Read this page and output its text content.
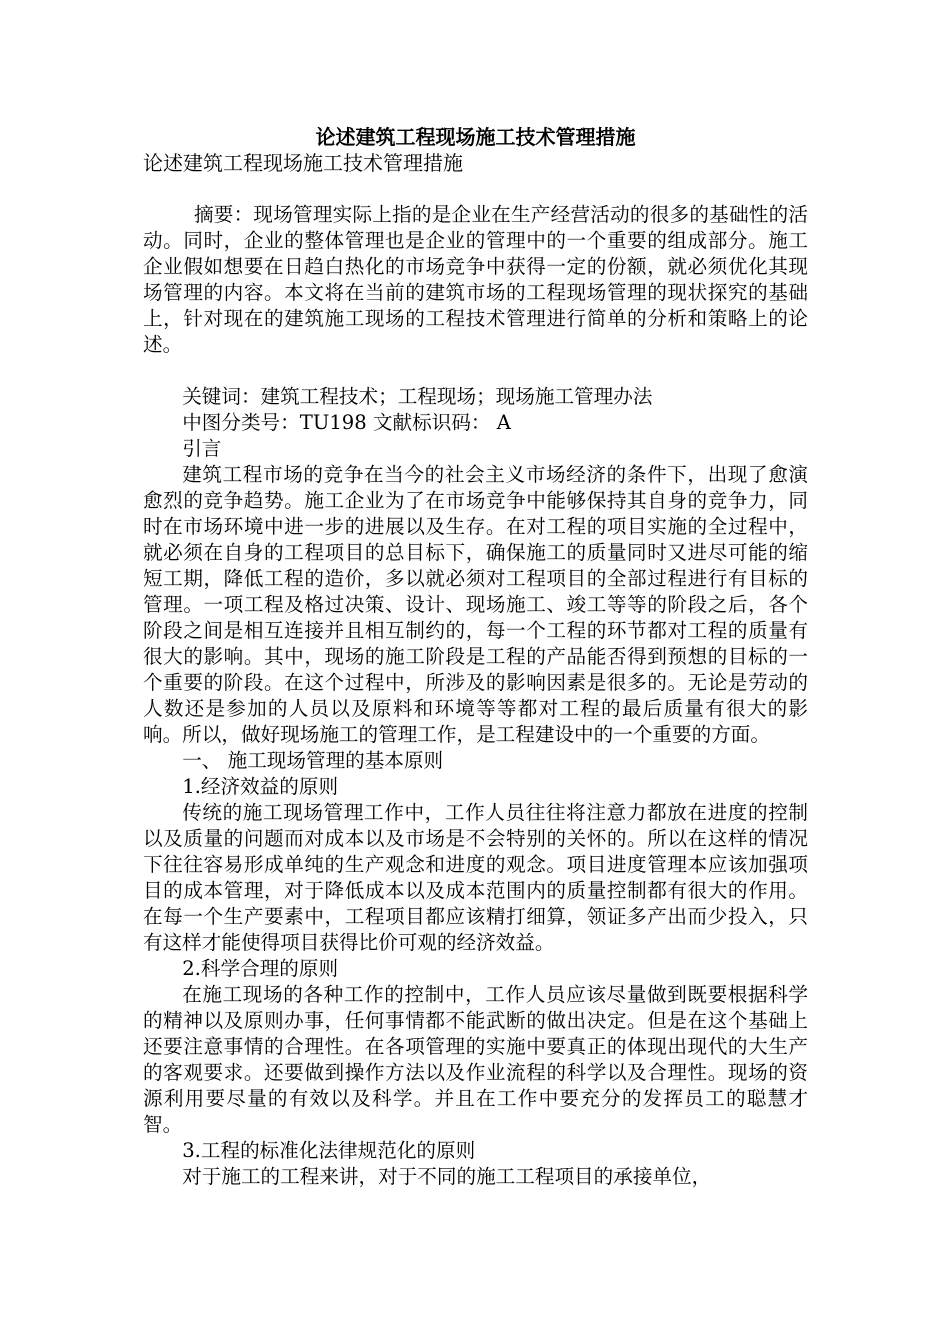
论述建筑工程现场施工技术管理措施
论述建筑工程现场施工技术管理措施

摘要：现场管理实际上指的是企业在生产经营活动的很多的基础性的活动。同时，企业的整体管理也是企业的管理中的一个重要的组成部分。施工企业假如想要在日趋白热化的市场竞争中获得一定的份额，就必须优化其现场管理的内容。本文将在当前的建筑市场的工程现场管理的现状探究的基础上，针对现在的建筑施工现场的工程技术管理进行简单的分析和策略上的论述。

关键词：建筑工程技术；工程现场；现场施工管理办法

中图分类号：TU198 文献标识码： A

引言

建筑工程市场的竞争在当今的社会主义市场经济的条件下，出现了愈演愈烈的竞争趋势。施工企业为了在市场竞争中能够保持其自身的竞争力，同时在市场环境中进一步的进展以及生存。在对工程的项目实施的全过程中，就必须在自身的工程项目的总目标下，确保施工的质量同时又进尽可能的缩短工期，降低工程的造价，多以就必须对工程项目的全部过程进行有目标的管理。一项工程及格过决策、设计、现场施工、竣工等等的阶段之后，各个阶段之间是相互连接并且相互制约的，每一个工程的环节都对工程的质量有很大的影响。其中，现场的施工阶段是工程的产品能否得到预想的目标的一个重要的阶段。在这个过程中，所涉及的影响因素是很多的。无论是劳动的人数还是参加的人员以及原料和环境等等都对工程的最后质量有很大的影响。所以，做好现场施工的管理工作，是工程建设中的一个重要的方面。

一、 施工现场管理的基本原则

1.经济效益的原则

传统的施工现场管理工作中，工作人员往往将注意力都放在进度的控制以及质量的问题而对成本以及市场是不会特别的关怀的。所以在这样的情况下往往容易形成单纯的生产观念和进度的观念。项目进度管理本应该加强项目的成本管理，对于降低成本以及成本范围内的质量控制都有很大的作用。在每一个生产要素中，工程项目都应该精打细算，领证多产出而少投入，只有这样才能使得项目获得比价可观的经济效益。

2.科学合理的原则

在施工现场的各种工作的控制中，工作人员应该尽量做到既要根据科学的精神以及原则办事，任何事情都不能武断的做出决定。但是在这个基础上还要注意事情的合理性。在各项管理的实施中要真正的体现出现代的大生产的客观要求。还要做到操作方法以及作业流程的科学以及合理性。现场的资源利用要尽量的有效以及科学。并且在工作中要充分的发挥员工的聪慧才智。

3.工程的标准化法律规范化的原则

对于施工的工程来讲，对于不同的施工工程项目的承接单位，
